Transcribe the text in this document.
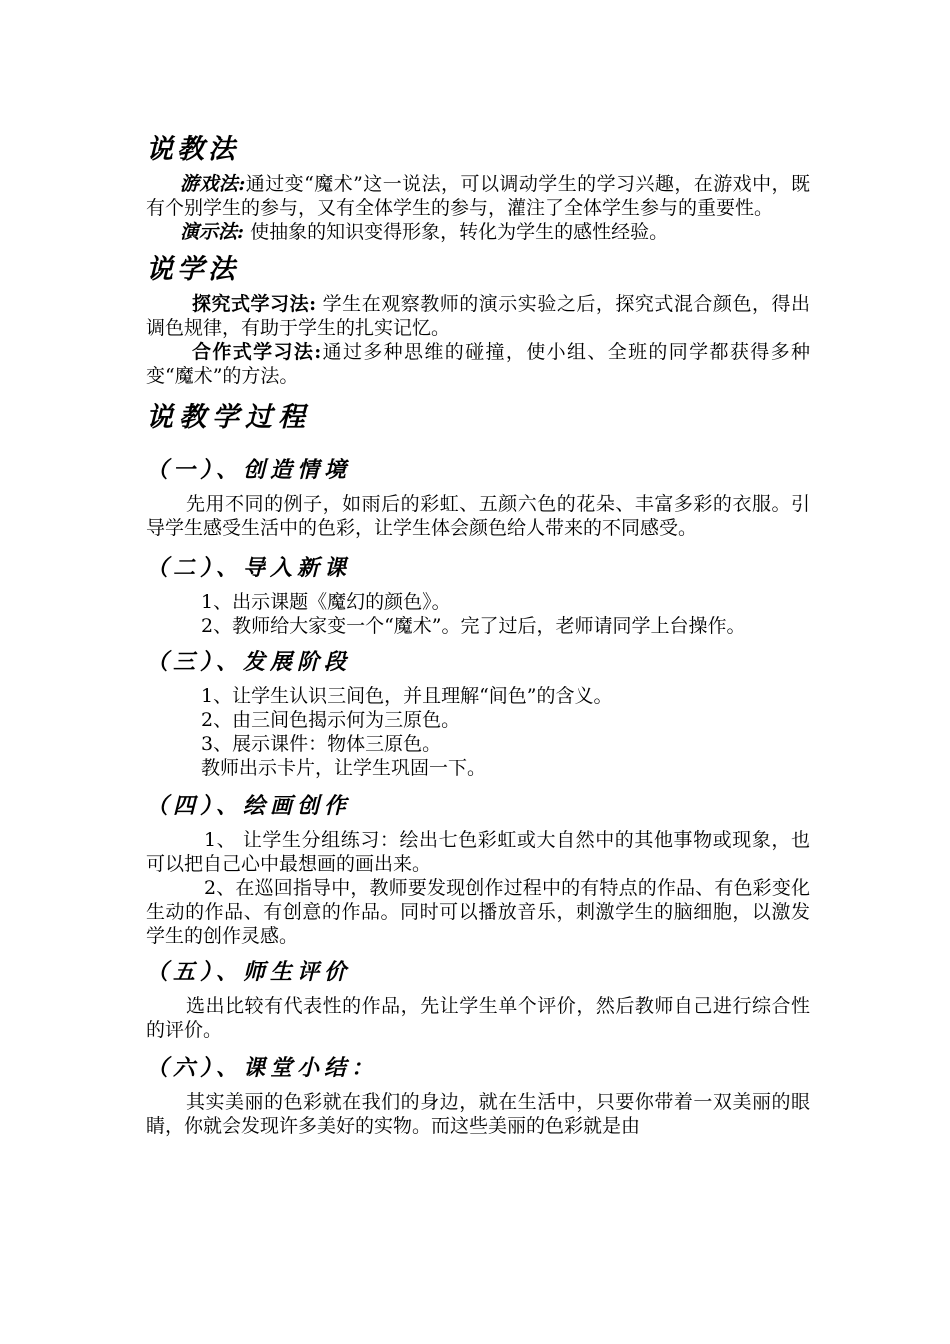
说教法

游戏法:通过变“魔术”这一说法，可以调动学生的学习兴趣，在游戏中，既有个别学生的参与，又有全体学生的参与，灌注了全体学生参与的重要性。

演示法: 使抽象的知识变得形象，转化为学生的感性经验。

说学法

探究式学习法: 学生在观察教师的演示实验之后，探究式混合颜色，得出调色规律，有助于学生的扎实记忆。

合作式学习法:通过多种思维的碰撞，使小组、全班的同学都获得多种变“魔术”的方法。

说教学过程
（一）、创造情境

先用不同的例子，如雨后的彩虹、五颜六色的花朵、丰富多彩的衣服。引导学生感受生活中的色彩，让学生体会颜色给人带来的不同感受。

（二）、导入新课

1、出示课题《魔幻的颜色》。

2、教师给大家变一个“魔术”。完了过后，老师请同学上台操作。

（三）、发展阶段

1、让学生认识三间色，并且理解“间色”的含义。

2、由三间色揭示何为三原色。

3、展示课件：物体三原色。

教师出示卡片，让学生巩固一下。

（四）、绘画创作

1、 让学生分组练习：绘出七色彩虹或大自然中的其他事物或现象，也可以把自己心中最想画的画出来。

2、在巡回指导中，教师要发现创作过程中的有特点的作品、有色彩变化生动的作品、有创意的作品。同时可以播放音乐，刺激学生的脑细胞，以激发学生的创作灵感。

（五）、师生评价

选出比较有代表性的作品，先让学生单个评价，然后教师自己进行综合性的评价。

（六）、课堂小结：

其实美丽的色彩就在我们的身边，就在生活中，只要你带着一双美丽的眼睛，你就会发现许多美好的实物。而这些美丽的色彩就是由
